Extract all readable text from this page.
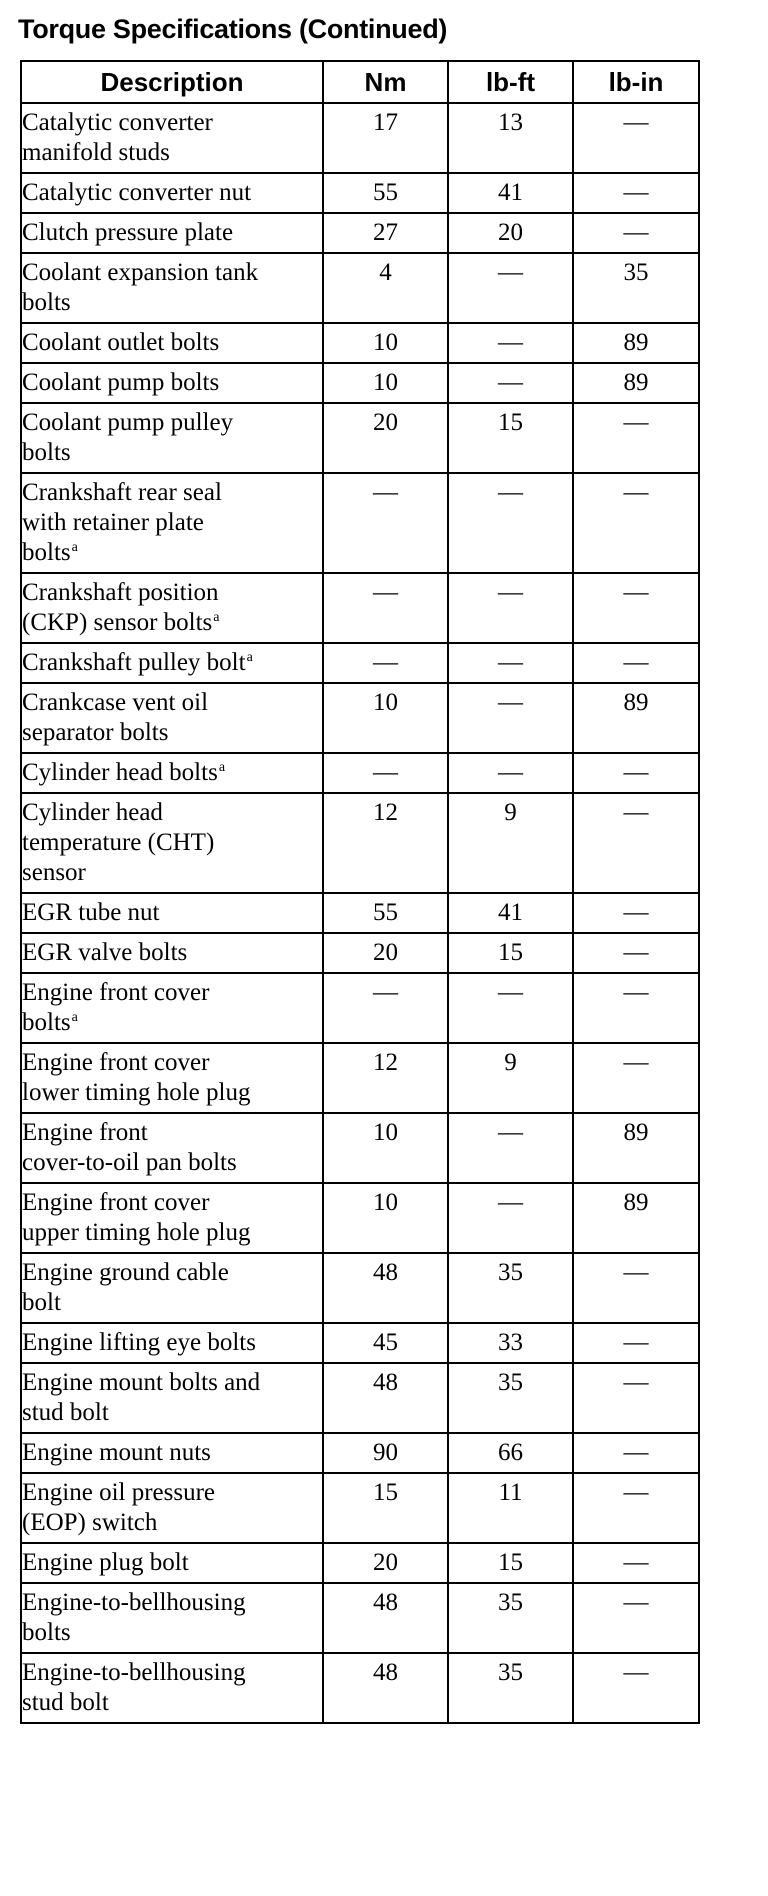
Torque Specifications (Continued)
Description	Nm	lb-ft	lb-in
Catalytic converter
manifold studs	17	13	—
Catalytic converter nut	55	41	—
Clutch pressure plate	27	20	—
Coolant expansion tank
bolts	4	—	35
Coolant outlet bolts	10	—	89
Coolant pump bolts	10	—	89
Coolant pump pulley
bolts	20	15	—
Crankshaft rear seal
with retainer plate
bolts$^a$	—	—	—
Crankshaft position
(CKP) sensor bolts$^a$	—	—	—
Crankshaft pulley bolt$^a$	—	—	—
Crankcase vent oil
separator bolts	10	—	89
Cylinder head bolts$^a$	—	—	—
Cylinder head
temperature (CHT)
sensor	12	9	—
EGR tube nut	55	41	—
EGR valve bolts	20	15	—
Engine front cover
bolts$^a$	—	—	—
Engine front cover
lower timing hole plug	12	9	—
Engine front
cover-to-oil pan bolts	10	—	89
Engine front cover
upper timing hole plug	10	—	89
Engine ground cable
bolt	48	35	—
Engine lifting eye bolts	45	33	—
Engine mount bolts and
stud bolt	48	35	—
Engine mount nuts	90	66	—
Engine oil pressure
(EOP) switch	15	11	—
Engine plug bolt	20	15	—
Engine-to-bellhousing
bolts	48	35	—
Engine-to-bellhousing
stud bolt	48	35	—
